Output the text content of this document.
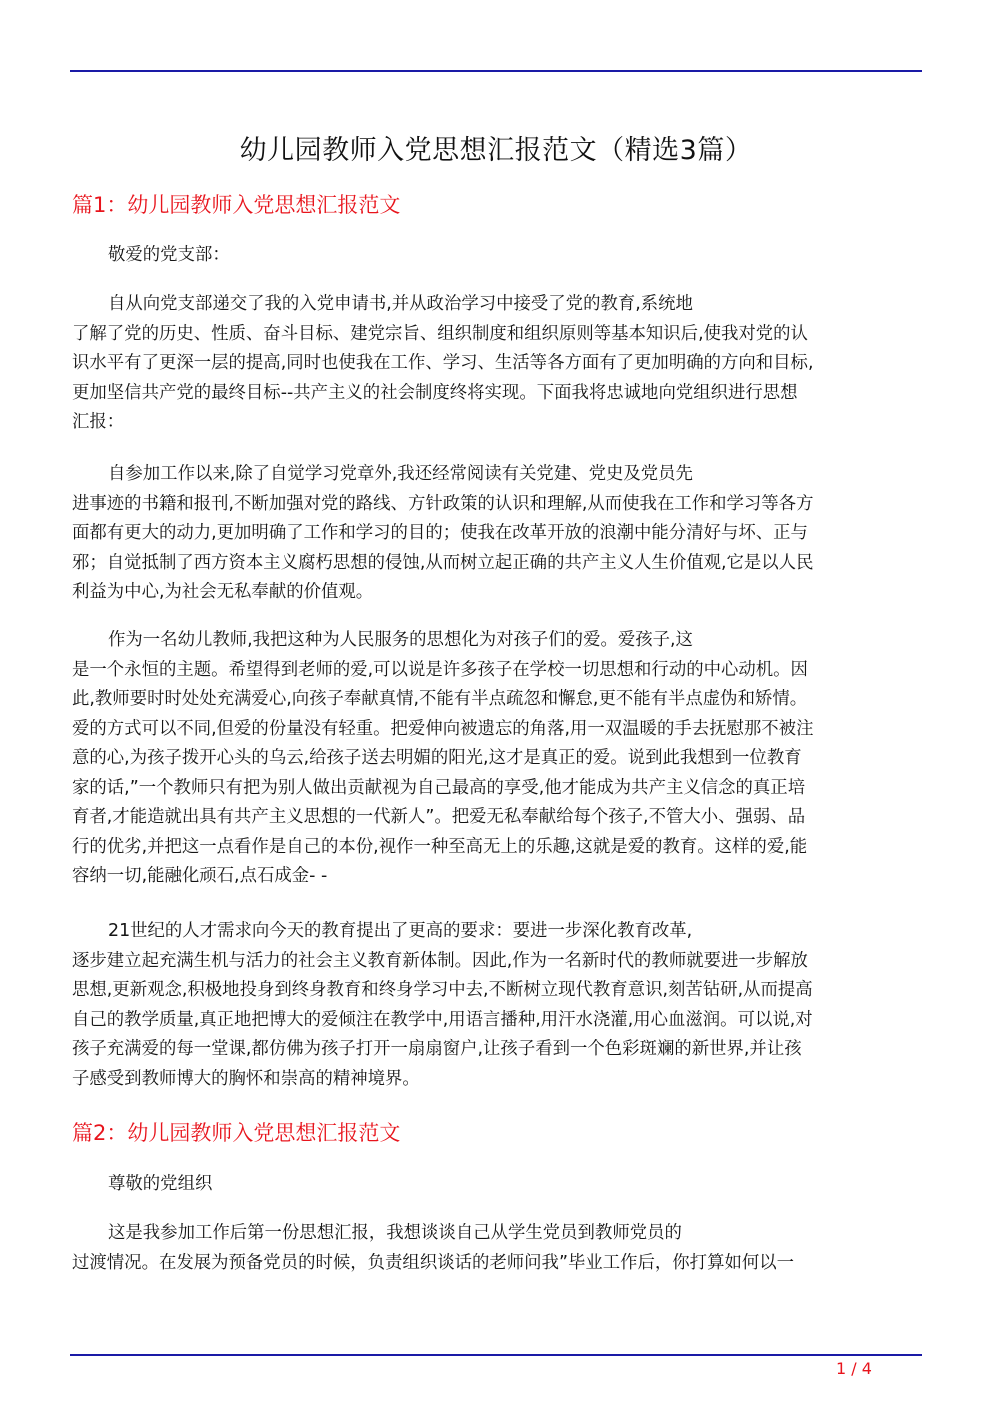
幼儿园教师入党思想汇报范文（精选3篇）
篇1：幼儿园教师入党思想汇报范文
敬爱的党支部：
自从向党支部递交了我的入党申请书,并从政治学习中接受了党的教育,系统地
了解了党的历史、性质、奋斗目标、建党宗旨、组织制度和组织原则等基本知识后,使我对党的认
识水平有了更深一层的提高,同时也使我在工作、学习、生活等各方面有了更加明确的方向和目标,
更加坚信共产党的最终目标--共产主义的社会制度终将实现。下面我将忠诚地向党组织进行思想
汇报：
自参加工作以来,除了自觉学习党章外,我还经常阅读有关党建、党史及党员先
进事迹的书籍和报刊,不断加强对党的路线、方针政策的认识和理解,从而使我在工作和学习等各方
面都有更大的动力,更加明确了工作和学习的目的；使我在改革开放的浪潮中能分清好与坏、正与
邪；自觉抵制了西方资本主义腐朽思想的侵蚀,从而树立起正确的共产主义人生价值观,它是以人民
利益为中心,为社会无私奉献的价值观。
作为一名幼儿教师,我把这种为人民服务的思想化为对孩子们的爱。爱孩子,这
是一个永恒的主题。希望得到老师的爱,可以说是许多孩子在学校一切思想和行动的中心动机。因
此,教师要时时处处充满爱心,向孩子奉献真情,不能有半点疏忽和懈怠,更不能有半点虚伪和矫情。
爱的方式可以不同,但爱的份量没有轻重。把爱伸向被遗忘的角落,用一双温暖的手去抚慰那不被注
意的心,为孩子拨开心头的乌云,给孩子送去明媚的阳光,这才是真正的爱。说到此我想到一位教育
家的话,”一个教师只有把为别人做出贡献视为自己最高的享受,他才能成为共产主义信念的真正培
育者,才能造就出具有共产主义思想的一代新人”。把爱无私奉献给每个孩子,不管大小、强弱、品
行的优劣,并把这一点看作是自己的本份,视作一种至高无上的乐趣,这就是爱的教育。这样的爱,能
容纳一切,能融化顽石,点石成金- -
21世纪的人才需求向今天的教育提出了更高的要求：要进一步深化教育改革,
逐步建立起充满生机与活力的社会主义教育新体制。因此,作为一名新时代的教师就要进一步解放
思想,更新观念,积极地投身到终身教育和终身学习中去,不断树立现代教育意识,刻苦钻研,从而提高
自己的教学质量,真正地把博大的爱倾注在教学中,用语言播种,用汗水浇灌,用心血滋润。可以说,对
孩子充满爱的每一堂课,都仿佛为孩子打开一扇扇窗户,让孩子看到一个色彩斑斓的新世界,并让孩
子感受到教师博大的胸怀和崇高的精神境界。
篇2：幼儿园教师入党思想汇报范文
尊敬的党组织
这是我参加工作后第一份思想汇报，我想谈谈自己从学生党员到教师党员的
过渡情况。在发展为预备党员的时候，负责组织谈话的老师问我”毕业工作后，你打算如何以一
1 / 4
